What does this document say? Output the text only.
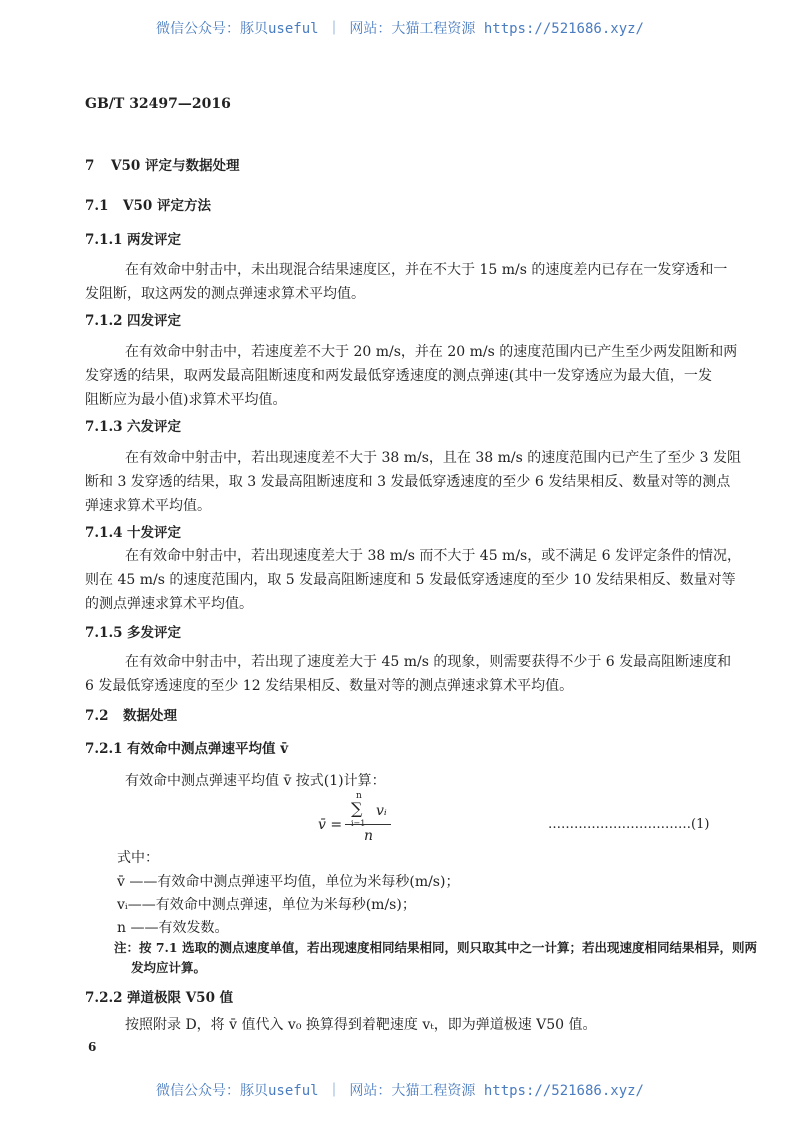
微信公众号：豚贝useful ｜ 网站：大猫工程资源 https://521686.xyz/
GB/T 32497—2016
7 V50 评定与数据处理
7.1 V50 评定方法
7.1.1 两发评定
在有效命中射击中，未出现混合结果速度区，并在不大于 15 m/s 的速度差内已存在一发穿透和一
发阻断，取这两发的测点弹速求算术平均值。
7.1.2 四发评定
在有效命中射击中，若速度差不大于 20 m/s，并在 20 m/s 的速度范围内已产生至少两发阻断和两
发穿透的结果，取两发最高阻断速度和两发最低穿透速度的测点弹速(其中一发穿透应为最大值，一发
阻断应为最小值)求算术平均值。
7.1.3 六发评定
在有效命中射击中，若出现速度差不大于 38 m/s，且在 38 m/s 的速度范围内已产生了至少 3 发阻
断和 3 发穿透的结果，取 3 发最高阻断速度和 3 发最低穿透速度的至少 6 发结果相反、数量对等的测点
弹速求算术平均值。
7.1.4 十发评定
在有效命中射击中，若出现速度差大于 38 m/s 而不大于 45 m/s，或不满足 6 发评定条件的情况，
则在 45 m/s 的速度范围内，取 5 发最高阻断速度和 5 发最低穿透速度的至少 10 发结果相反、数量对等
的测点弹速求算术平均值。
7.1.5 多发评定
在有效命中射击中，若出现了速度差大于 45 m/s 的现象，则需要获得不少于 6 发最高阻断速度和
6 发最低穿透速度的至少 12 发结果相反、数量对等的测点弹速求算术平均值。
7.2 数据处理
7.2.1 有效命中测点弹速平均值 v̄
有效命中测点弹速平均值 v̄ 按式(1)计算：
v̄ =
n
∑
i=1
vᵢ
n
……………………………(1)
式中：
v̄ ——有效命中测点弹速平均值，单位为米每秒(m/s)；
vᵢ——有效命中测点弹速，单位为米每秒(m/s)；
n ——有效发数。
注：按 7.1 选取的测点速度单值，若出现速度相同结果相同，则只取其中之一计算；若出现速度相同结果相异，则两
发均应计算。
7.2.2 弹道极限 V50 值
按照附录 D，将 v̄ 值代入 v₀ 换算得到着靶速度 vₜ，即为弹道极速 V50 值。
6
微信公众号：豚贝useful ｜ 网站：大猫工程资源 https://521686.xyz/
